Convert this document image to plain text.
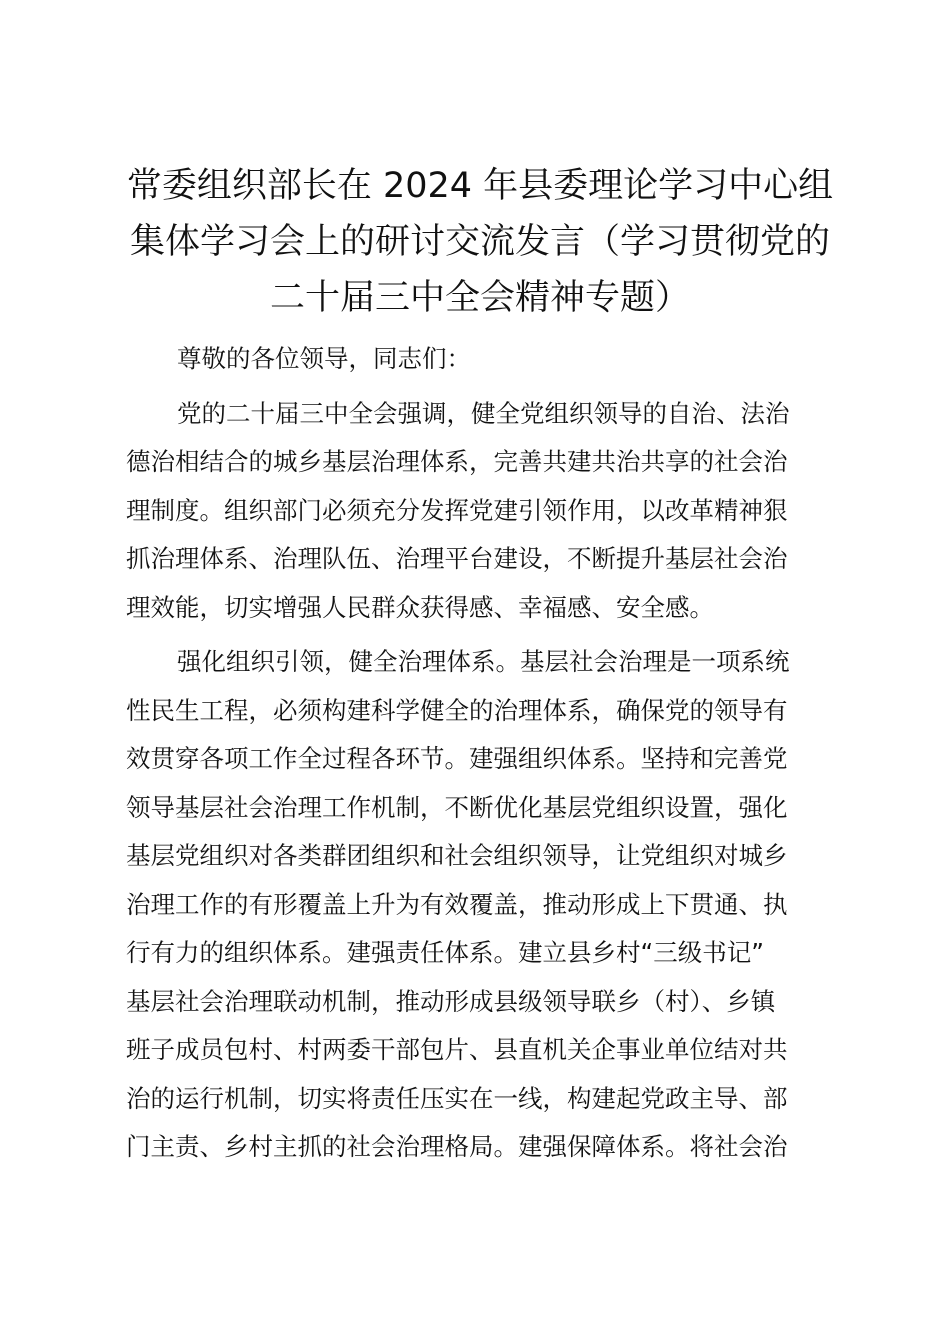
常委组织部长在 2024 年县委理论学习中心组
集体学习会上的研讨交流发言（学习贯彻党的
二十届三中全会精神专题）
尊敬的各位领导，同志们：
党的二十届三中全会强调，健全党组织领导的自治、法治
德治相结合的城乡基层治理体系，完善共建共治共享的社会治
理制度。组织部门必须充分发挥党建引领作用，以改革精神狠
抓治理体系、治理队伍、治理平台建设，不断提升基层社会治
理效能，切实增强人民群众获得感、幸福感、安全感。
强化组织引领，健全治理体系。基层社会治理是一项系统
性民生工程，必须构建科学健全的治理体系，确保党的领导有
效贯穿各项工作全过程各环节。建强组织体系。坚持和完善党
领导基层社会治理工作机制，不断优化基层党组织设置，强化
基层党组织对各类群团组织和社会组织领导，让党组织对城乡
治理工作的有形覆盖上升为有效覆盖，推动形成上下贯通、执
行有力的组织体系。建强责任体系。建立县乡村“三级书记”
基层社会治理联动机制，推动形成县级领导联乡（村）、乡镇
班子成员包村、村两委干部包片、县直机关企事业单位结对共
治的运行机制，切实将责任压实在一线，构建起党政主导、部
门主责、乡村主抓的社会治理格局。建强保障体系。将社会治
